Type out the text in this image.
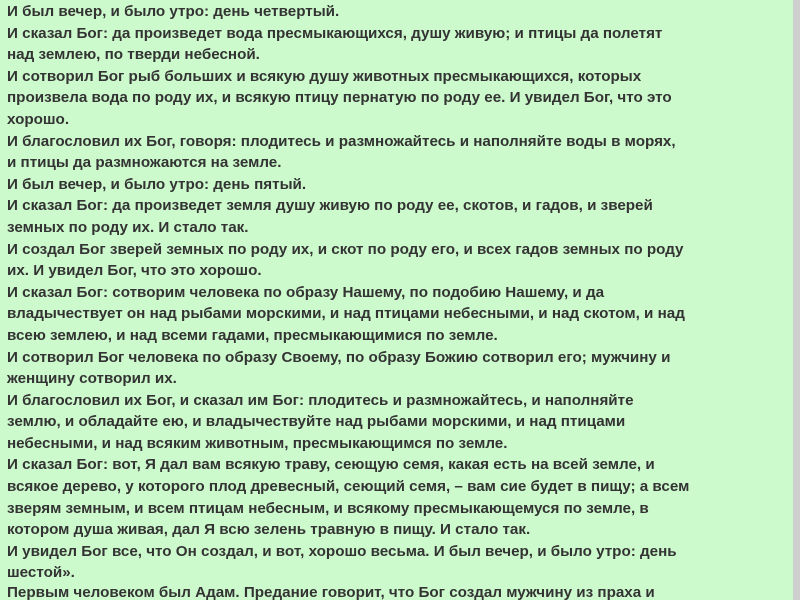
И был вечер, и было утро: день четвертый.
И сказал Бог: да произведет вода пресмыкающихся, душу живую; и птицы да полетят
над землею, по тверди небесной.
И сотворил Бог рыб больших и всякую душу животных пресмыкающихся, которых
произвела вода по роду их, и всякую птицу пернатую по роду ее. И увидел Бог, что это
хорошо.
И благословил их Бог, говоря: плодитесь и размножайтесь и наполняйте воды в морях,
и птицы да размножаются на земле.
И был вечер, и было утро: день пятый.
И сказал Бог: да произведет земля душу живую по роду ее, скотов, и гадов, и зверей
земных по роду их. И стало так.
И создал Бог зверей земных по роду их, и скот по роду его, и всех гадов земных по роду
их. И увидел Бог, что это хорошо.
И сказал Бог: сотворим человека по образу Нашему, по подобию Нашему, и да
владычествует он над рыбами морскими, и над птицами небесными, и над скотом, и над
всею землею, и над всеми гадами, пресмыкающимися по земле.
И сотворил Бог человека по образу Своему, по образу Божию сотворил его; мужчину и
женщину сотворил их.
И благословил их Бог, и сказал им Бог: плодитесь и размножайтесь, и наполняйте
землю, и обладайте ею, и владычествуйте над рыбами морскими, и над птицами
небесными, и над всяким животным, пресмыкающимся по земле.
И сказал Бог: вот, Я дал вам всякую траву, сеющую семя, какая есть на всей земле, и
всякое дерево, у которого плод древесный, сеющий семя, – вам сие будет в пищу; а всем
зверям земным, и всем птицам небесным, и всякому пресмыкающемуся по земле, в
котором душа живая, дал Я всю зелень травную в пищу. И стало так.
И увидел Бог все, что Он создал, и вот, хорошо весьма. И был вечер, и было утро: день
шестой».
Первым человеком был Адам. Предание говорит, что Бог создал мужчину из праха и
